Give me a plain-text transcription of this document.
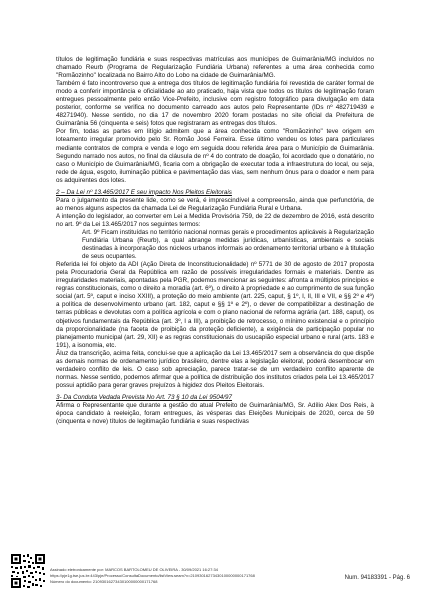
títulos de legitimação fundiária e suas respectivas matrículas aos munícipes de Guimarânia/MG incluídos no chamado Reurb (Programa de Regularização Fundiária Urbana) referentes a uma área conhecida como "Romãozinho" localizada no Bairro Alto do Lobo na cidade de Guimarânia/MG.

Também é fato incontroverso que a entrega dos títulos de legitimação fundiária foi revestida de caráter formal de modo a conferir importância e oficialidade ao ato praticado, haja vista que todos os títulos de legitimação foram entregues pessoalmente pelo então Vice-Prefeito, inclusive com registro fotográfico para divulgação em data posterior, conforme se verifica no documento carreado aos autos pelo Representante (IDs nº 482719439 e 48271940). Nesse sentido, no dia 17 de novembro 2020 foram postadas no site oficial da Prefeitura de Guimarânia 56 (cinquenta e seis) fotos que registraram as entregas dos títulos.

Por fim, todas as partes em litígio admitem que a área conhecida como "Romãozinho" teve origem em loteamento irregular promovido pelo Sr. Romão José Ferreira. Esse último vendeu os lotes para particulares mediante contratos de compra e venda e logo em seguida doou referida área para o Município de Guimarânia. Segundo narrado nos autos, no final da cláusula de nº 4 do contrato de doação, foi acordado que o donatário, no caso o Município de Guimarânia/MG, ficaria com a obrigação de executar toda a infraestrutura do local, ou seja, rede de água, esgoto, iluminação pública e pavimentação das vias, sem nenhum ônus para o doador e nem para os adquirentes dos lotes.

2 – Da Lei nº 13.465/2017 E seu impacto Nos Pleitos Eleitorais

Para o julgamento da presente lide, como se verá, é imprescindível a compreensão, ainda que perfunctória, de ao menos alguns aspectos da chamada Lei de Regularização Fundiária Rural e Urbana.

A intenção do legislador, ao converter em Lei a Medida Provisória 759, de 22 de dezembro de 2016, está descrito no art. 9º da Lei 13.465/2017 nos seguintes termos:

Art. 9º Ficam instituídas no território nacional normas gerais e procedimentos aplicáveis à Regularização Fundiária Urbana (Reurb), a qual abrange medidas jurídicas, urbanísticas, ambientais e sociais destinadas à incorporação dos núcleos urbanos informais ao ordenamento territorial urbano e à titulação de seus ocupantes.

Referida lei foi objeto da ADI (Ação Direta de Inconstitucionalidade) nº 5771 de 30 de agosto de 2017 proposta pela Procuradoria Geral da República em razão de possíveis irregularidades formais e materiais. Dentre as irregularidades materiais, apontadas pela PGR, podemos mencionar as seguintes: afronta a múltiplos princípios e regras constitucionais, como o direito a moradia (art. 6º), o direito à propriedade e ao cumprimento de sua função social (art. 5º, caput e inciso XXIII), a proteção do meio ambiente (art. 225, caput, § 1º, I, II, III e VII, e §§ 2º e 4º) a política de desenvolvimento urbano (art. 182, caput e §§ 1º e 2º), o dever de compatibilizar a destinação de terras públicas e devolutas com a política agrícola e com o plano nacional de reforma agrária (art. 188, caput), os objetivos fundamentais da República (art. 3º, I a III), a proibição de retrocesso, o mínimo existencial e o princípio da proporcionalidade (na faceta de proibição da proteção deficiente), a exigência de participação popular no planejamento municipal (art. 29, XII) e as regras constitucionais do usucapião especial urbano e rural (arts. 183 e 191), a isonomia, etc.

Ãluz da transcrição, acima feita, conclui-se que a aplicação da Lei 13.465/2017 sem a observância do que dispõe as demais normas de ordenamento jurídico brasileiro, dentre elas a legislação eleitoral, poderá desembocar em verdadeiro conflito de leis. O caso sob apreciação, parece tratar-se de um verdadeiro conflito aparente de normas. Nesse sentido, podemos afirmar que a política de distribuição dos institutos criados pela Lei 13.465/2017 possui aptidão para gerar graves prejuízos à higidez dos Pleitos Eleitorais.

3- Da Conduta Vedada Prevista No Art. 73 § 10 da Lei 9504/97

Afirma o Representante que durante a gestão do atual Prefeito de Guimarânia/MG, Sr. Adílio Alex Dos Reis, à época candidato à reeleição, foram entregues, às vésperas das Eleições Municipais de 2020, cerca de 59 (cinquenta e nove) títulos de legitimação fundiária e suas respectivas

Assinado eletronicamente por: MARCOS BARTOLOMEU DE OLIVEIRA - 30/09/2021 16:27:34
https://pje1g.tse.jus.br:443/pje/Processo/ConsultaDocumento/listView.seam?x=21093016273430100000000171768
Número do documento: 21093016273430100000000171768
Num. 94183391 - Pág. 6
